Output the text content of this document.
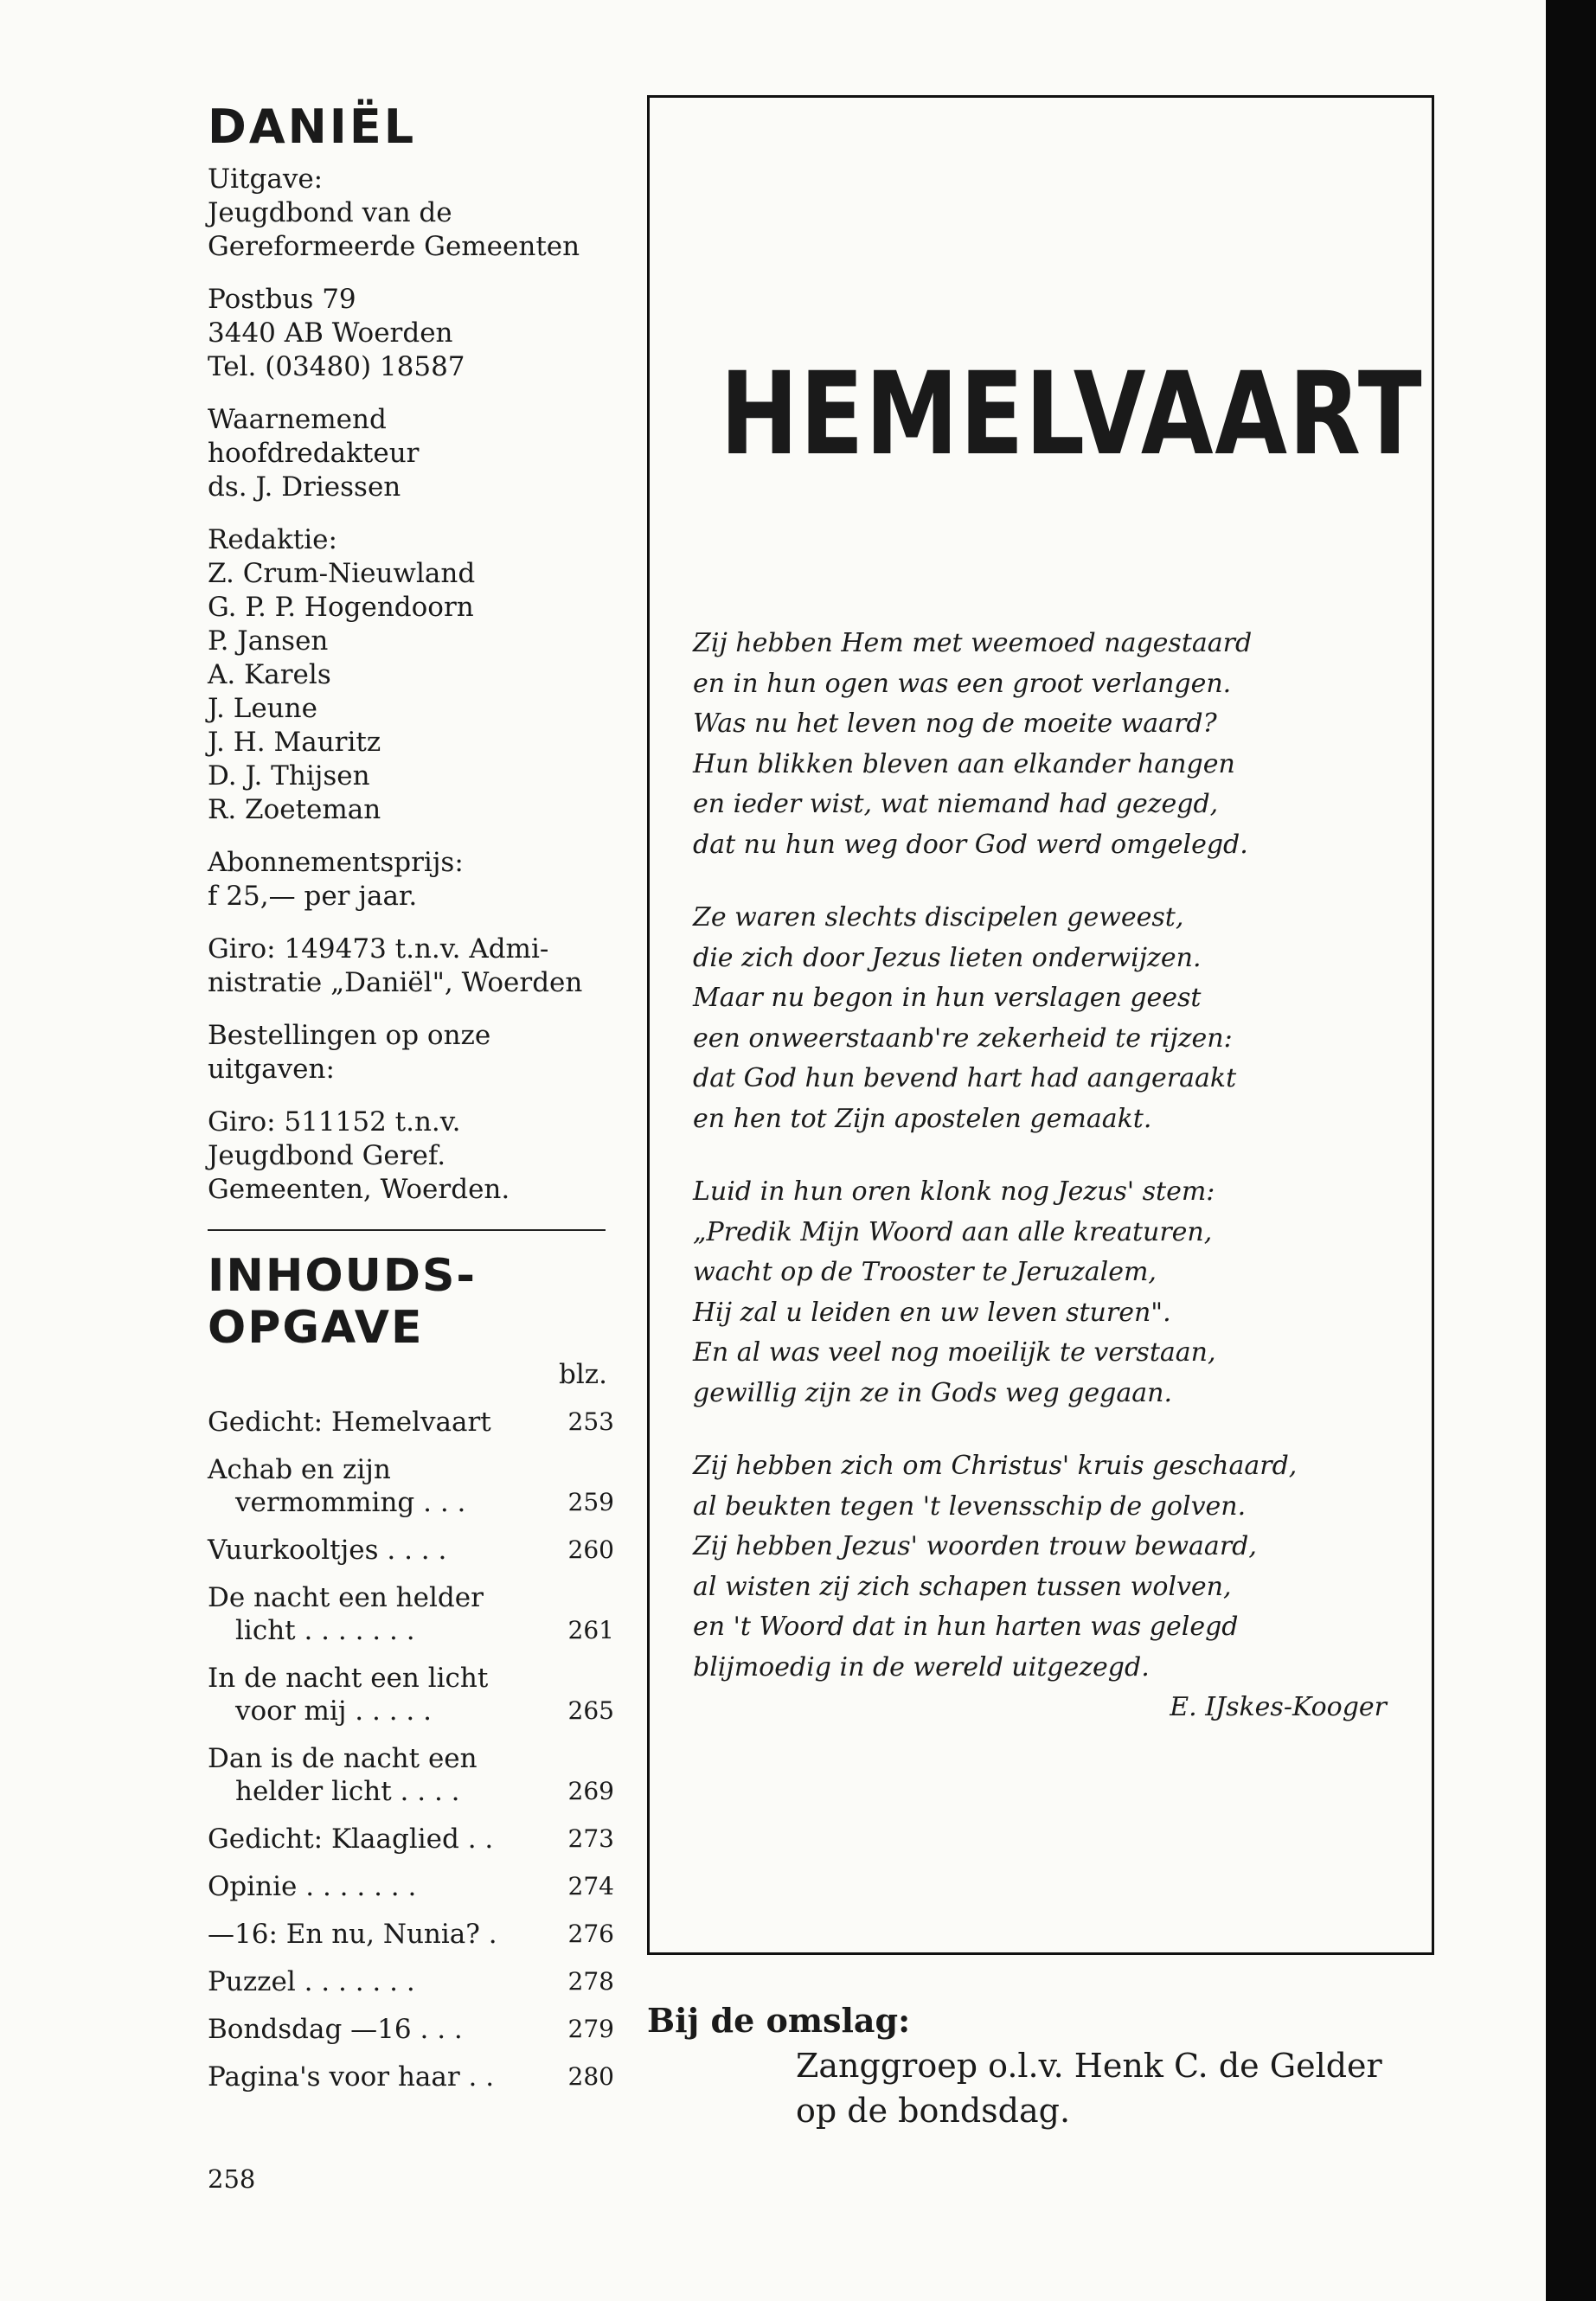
DANIËL
Uitgave:
Jeugdbond van de
Gereformeerde Gemeenten
Postbus 79
3440 AB Woerden
Tel. (03480) 18587
Waarnemend
hoofdredakteur
ds. J. Driessen
Redaktie:
Z. Crum-Nieuwland
G. P. P. Hogendoorn
P. Jansen
A. Karels
J. Leune
J. H. Mauritz
D. J. Thijsen
R. Zoeteman
Abonnementsprijs:
f 25,— per jaar.
Giro: 149473 t.n.v. Admi-
nistratie „Daniël", Woerden
Bestellingen op onze
uitgaven:
Giro: 511152 t.n.v.
Jeugdbond Geref.
Gemeenten, Woerden.
INHOUDS-
OPGAVE
blz.
Gedicht: Hemelvaart	253
Achab en zijn
vermomming . . .	259
Vuurkooltjes . . . .	260
De nacht een helder
licht . . . . . . .	261
In de nacht een licht
voor mij . . . . .	265
Dan is de nacht een
helder licht . . . .	269
Gedicht: Klaaglied . .	273
Opinie . . . . . . .	274
—16: En nu, Nunia? .	276
Puzzel . . . . . . .	278
Bondsdag —16 . . .	279
Pagina's voor haar . .	280
258
HEMELVAART

Zij hebben Hem met weemoed nagestaard
en in hun ogen was een groot verlangen.
Was nu het leven nog de moeite waard?
Hun blikken bleven aan elkander hangen
en ieder wist, wat niemand had gezegd,
dat nu hun weg door God werd omgelegd.

Ze waren slechts discipelen geweest,
die zich door Jezus lieten onderwijzen.
Maar nu begon in hun verslagen geest
een onweerstaanb're zekerheid te rijzen:
dat God hun bevend hart had aangeraakt
en hen tot Zijn apostelen gemaakt.

Luid in hun oren klonk nog Jezus' stem:
„Predik Mijn Woord aan alle kreaturen,
wacht op de Trooster te Jeruzalem,
Hij zal u leiden en uw leven sturen".
En al was veel nog moeilijk te verstaan,
gewillig zijn ze in Gods weg gegaan.

Zij hebben zich om Christus' kruis geschaard,
al beukten tegen 't levensschip de golven.
Zij hebben Jezus' woorden trouw bewaard,
al wisten zij zich schapen tussen wolven,
en 't Woord dat in hun harten was gelegd
blijmoedig in de wereld uitgezegd.

E. IJskes-Kooger
Bij de omslag:
Zanggroep o.l.v. Henk C. de Gelder
op de bondsdag.
